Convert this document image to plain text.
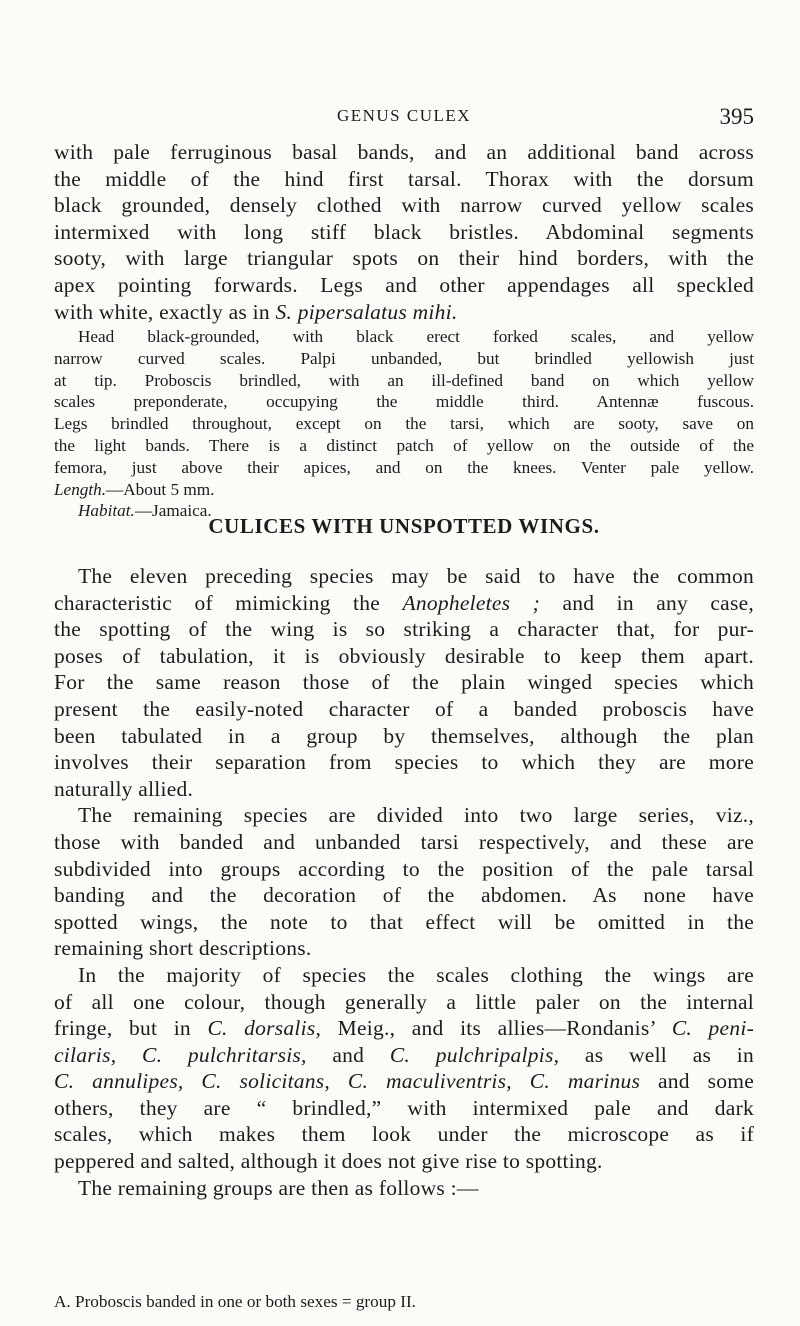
GENUS CULEX	395
with pale ferruginous basal bands, and an additional band across
the middle of the hind first tarsal. Thorax with the dorsum
black grounded, densely clothed with narrow curved yellow scales
intermixed with long stiff black bristles. Abdominal segments
sooty, with large triangular spots on their hind borders, with the
apex pointing forwards. Legs and other appendages all speckled
with white, exactly as in S. pipersalatus mihi.
Head black-grounded, with black erect forked scales, and yellow
narrow curved scales. Palpi unbanded, but brindled yellowish just
at tip. Proboscis brindled, with an ill-defined band on which yellow
scales preponderate, occupying the middle third. Antennæ fuscous.
Legs brindled throughout, except on the tarsi, which are sooty, save on
the light bands. There is a distinct patch of yellow on the outside of the
femora, just above their apices, and on the knees. Venter pale yellow.
Length.—About 5 mm.
Habitat.—Jamaica.
CULICES WITH UNSPOTTED WINGS.
The eleven preceding species may be said to have the common
characteristic of mimicking the Anopheletes ; and in any case,
the spotting of the wing is so striking a character that, for pur-
poses of tabulation, it is obviously desirable to keep them apart.
For the same reason those of the plain winged species which
present the easily-noted character of a banded proboscis have
been tabulated in a group by themselves, although the plan
involves their separation from species to which they are more
naturally allied.
The remaining species are divided into two large series, viz.,
those with banded and unbanded tarsi respectively, and these are
subdivided into groups according to the position of the pale tarsal
banding and the decoration of the abdomen. As none have
spotted wings, the note to that effect will be omitted in the
remaining short descriptions.
In the majority of species the scales clothing the wings are
of all one colour, though generally a little paler on the internal
fringe, but in C. dorsalis, Meig., and its allies—Rondanis’ C. peni-
cilaris, C. pulchritarsis, and C. pulchripalpis, as well as in
C. annulipes, C. solicitans, C. maculiventris, C. marinus and some
others, they are “ brindled,” with intermixed pale and dark
scales, which makes them look under the microscope as if
peppered and salted, although it does not give rise to spotting.
The remaining groups are then as follows :—
A. Proboscis banded in one or both sexes = group II.
